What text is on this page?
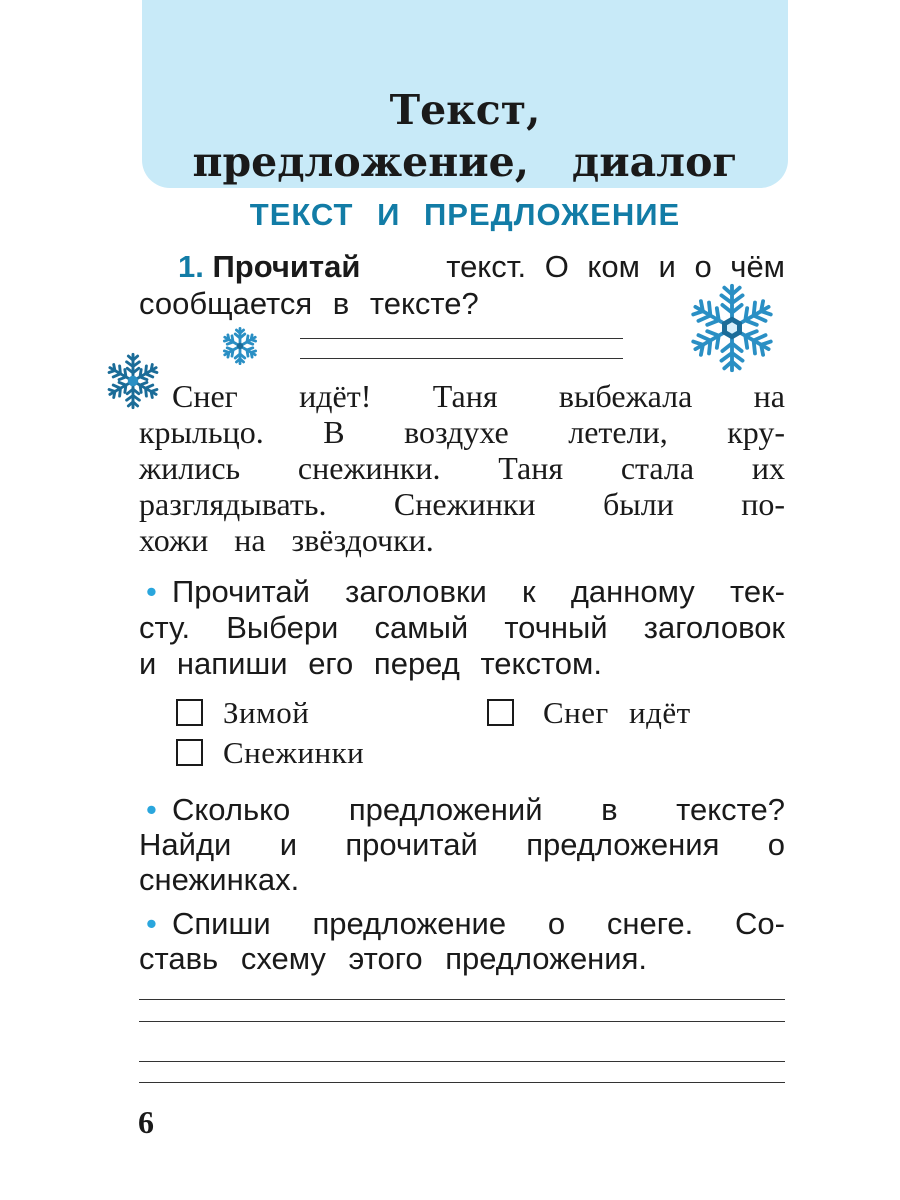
Текст,
предложение,   диалог
ТЕКСТ И ПРЕДЛОЖЕНИЕ
1. Прочитай	текст. О ком и о чём
сообщается в тексте?
Снег идёт! Таня выбежала на
крыльцо. В воздухе летели, кру-
жились снежинки. Таня стала их
разглядывать. Снежинки были по-
хожи на звёздочки.
• Прочитай заголовки к данному тек-
сту. Выбери самый точный заголовок
и напиши его перед текстом.
Зимой	Снег идёт
Снежинки
• Сколько предложений в тексте?
Найди и прочитай предложения о
снежинках.
• Спиши предложение о снеге. Со-
ставь схему этого предложения.
6
